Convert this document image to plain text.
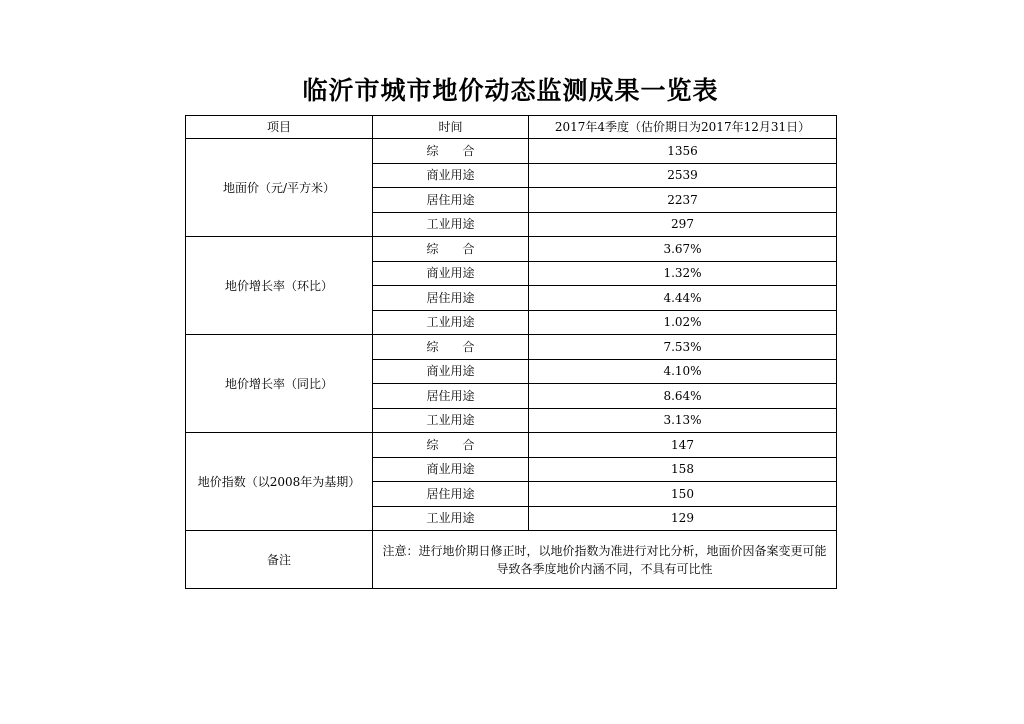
临沂市城市地价动态监测成果一览表
项目	时间	2017年4季度（估价期日为2017年12月31日）
地面价（元/平方米）	综　　合	1356
	商业用途	2539
	居住用途	2237
	工业用途	297
地价增长率（环比）	综　　合	3.67%
	商业用途	1.32%
	居住用途	4.44%
	工业用途	1.02%
地价增长率（同比）	综　　合	7.53%
	商业用途	4.10%
	居住用途	8.64%
	工业用途	3.13%
地价指数（以2008年为基期）	综　　合	147
	商业用途	158
	居住用途	150
	工业用途	129
备注	注意：进行地价期日修正时，以地价指数为准进行对比分析，地面价因备案变更可能导致各季度地价内涵不同，不具有可比性	
